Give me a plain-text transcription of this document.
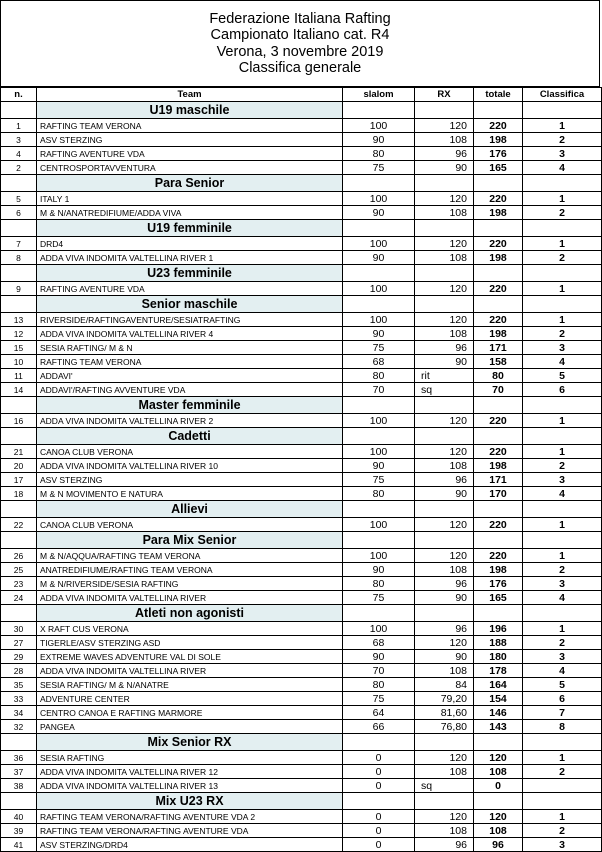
Federazione Italiana Rafting
Campionato Italiano cat. R4
Verona, 3 novembre 2019
Classifica generale
n.	Team	slalom	RX	totale	Classifica
	U19 maschile				
1	RAFTING TEAM VERONA	100	120	220	1
3	ASV STERZING	90	108	198	2
4	RAFTING AVENTURE VDA	80	96	176	3
2	CENTROSPORTAVVENTURA	75	90	165	4
	Para Senior				
5	ITALY 1	100	120	220	1
6	M & N/ANATREDIFIUME/ADDA VIVA	90	108	198	2
	U19 femminile				
7	DRD4	100	120	220	1
8	ADDA VIVA INDOMITA VALTELLINA RIVER 1	90	108	198	2
	U23 femminile				
9	RAFTING AVENTURE VDA	100	120	220	1
	Senior maschile				
13	RIVERSIDE/RAFTINGAVENTURE/SESIATRAFTING	100	120	220	1
12	ADDA VIVA INDOMITA VALTELLINA RIVER 4	90	108	198	2
15	SESIA RAFTING/ M & N	75	96	171	3
10	RAFTING TEAM VERONA	68	90	158	4
11	ADDAVI'	80	rit	80	5
14	ADDAVI'/RAFTING AVVENTURE VDA	70	sq	70	6
	Master femminile				
16	ADDA VIVA INDOMITA VALTELLINA RIVER 2	100	120	220	1
	Cadetti				
21	CANOA CLUB VERONA	100	120	220	1
20	ADDA VIVA INDOMITA VALTELLINA RIVER 10	90	108	198	2
17	ASV STERZING	75	96	171	3
18	M & N MOVIMENTO E NATURA	80	90	170	4
	Allievi				
22	CANOA CLUB VERONA	100	120	220	1
	Para Mix Senior				
26	M & N/AQQUA/RAFTING TEAM VERONA	100	120	220	1
25	ANATREDIFIUME/RAFTING TEAM VERONA	90	108	198	2
23	M & N/RIVERSIDE/SESIA RAFTING	80	96	176	3
24	ADDA VIVA INDOMITA VALTELLINA RIVER	75	90	165	4
	Atleti non agonisti				
30	X RAFT CUS VERONA	100	96	196	1
27	TIGERLE/ASV STERZING ASD	68	120	188	2
29	EXTREME WAVES ADVENTURE VAL DI SOLE	90	90	180	3
28	ADDA VIVA INDOMITA VALTELLINA RIVER	70	108	178	4
35	SESIA RAFTING/ M & N/ANATRE	80	84	164	5
33	ADVENTURE CENTER	75	79,20	154	6
34	CENTRO CANOA E RAFTING MARMORE	64	81,60	146	7
32	PANGEA	66	76,80	143	8
	Mix Senior RX				
36	SESIA RAFTING	0	120	120	1
37	ADDA VIVA INDOMITA VALTELLINA RIVER 12	0	108	108	2
38	ADDA VIVA INDOMITA VALTELLINA RIVER 13	0	sq	0	
	Mix U23 RX				
40	RAFTING TEAM VERONA/RAFTING AVENTURE VDA 2	0	120	120	1
39	RAFTING TEAM VERONA/RAFTING AVENTURE VDA	0	108	108	2
41	ASV STERZING/DRD4	0	96	96	3
